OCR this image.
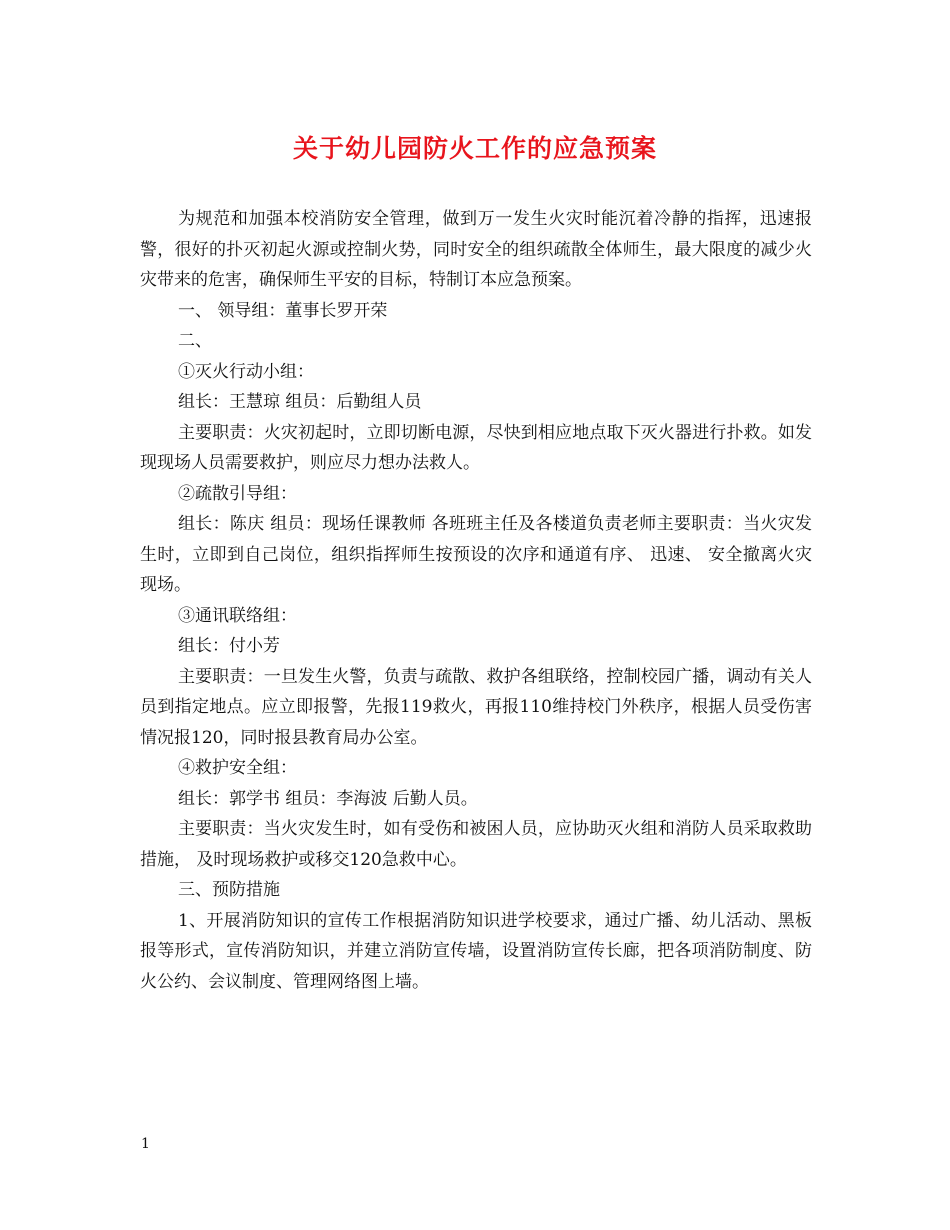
关于幼儿园防火工作的应急预案

为规范和加强本校消防安全管理，做到万一发生火灾时能沉着冷静的指挥，迅速报警，很好的扑灭初起火源或控制火势，同时安全的组织疏散全体师生，最大限度的减少火灾带来的危害，确保师生平安的目标，特制订本应急预案。

一、 领导组：董事长罗开荣

二、

①灭火行动小组：

组长：王慧琼 组员：后勤组人员

主要职责：火灾初起时，立即切断电源，尽快到相应地点取下灭火器进行扑救。如发现现场人员需要救护，则应尽力想办法救人。

②疏散引导组：

组长：陈庆 组员：现场任课教师 各班班主任及各楼道负责老师主要职责：当火灾发生时，立即到自己岗位，组织指挥师生按预设的次序和通道有序、 迅速、 安全撤离火灾现场。

③通讯联络组：

组长：付小芳

主要职责：一旦发生火警，负责与疏散、救护各组联络，控制校园广播，调动有关人员到指定地点。应立即报警，先报119救火，再报110维持校门外秩序，根据人员受伤害情况报120，同时报县教育局办公室。

④救护安全组：

组长：郭学书 组员：李海波 后勤人员。

主要职责：当火灾发生时，如有受伤和被困人员，应协助灭火组和消防人员采取救助措施， 及时现场救护或移交120急救中心。

三、预防措施

1、开展消防知识的宣传工作根据消防知识进学校要求，通过广播、幼儿活动、黑板报等形式，宣传消防知识，并建立消防宣传墙，设置消防宣传长廊，把各项消防制度、防火公约、会议制度、管理网络图上墙。

1
